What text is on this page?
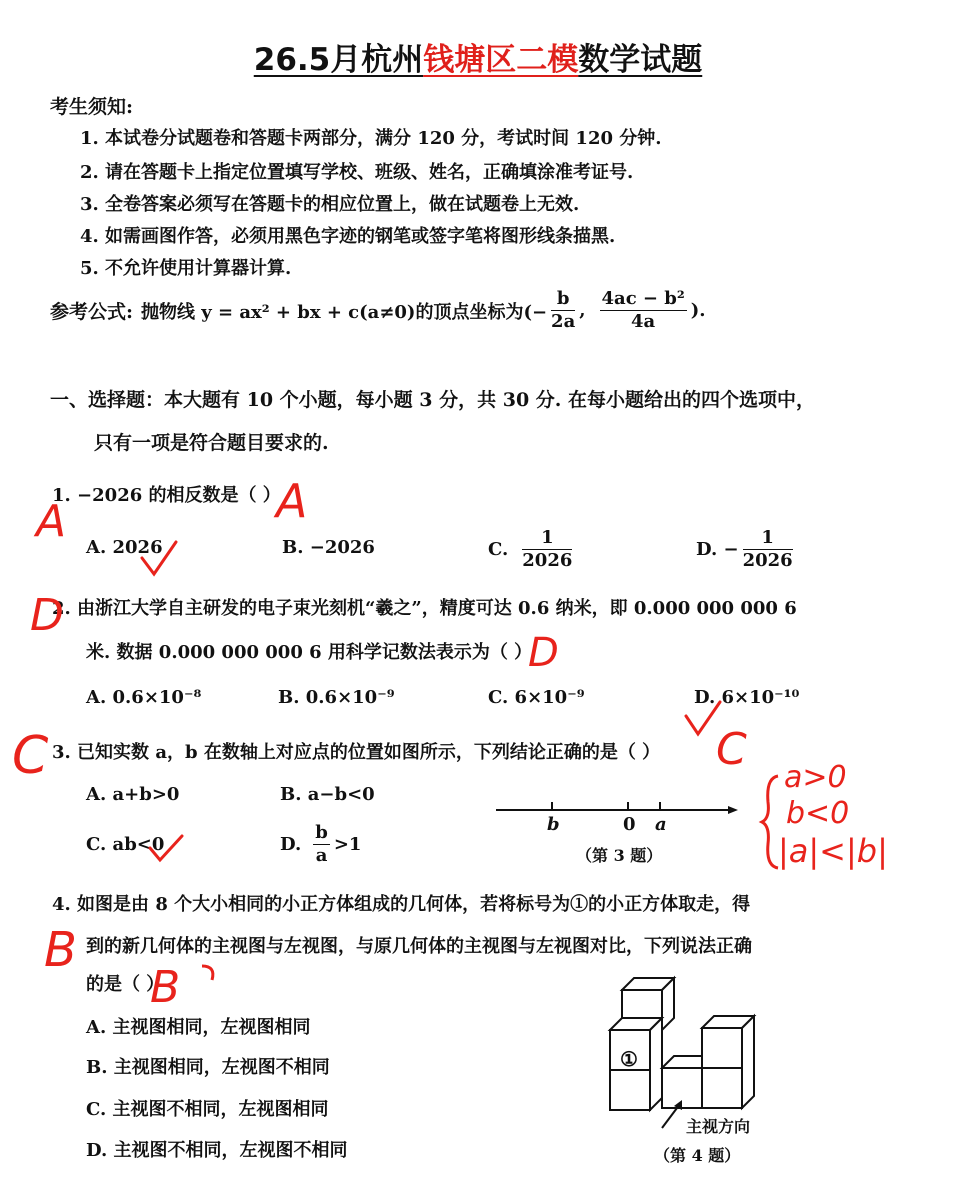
26.5月杭州钱塘区二模数学试题
考生须知:
1. 本试卷分试题卷和答题卡两部分，满分 120 分，考试时间 120 分钟.
2. 请在答题卡上指定位置填写学校、班级、姓名，正确填涂准考证号.
3. 全卷答案必须写在答题卡的相应位置上，做在试题卷上无效.
4. 如需画图作答，必须用黑色字迹的钢笔或签字笔将图形线条描黑.
5. 不允许使用计算器计算.
参考公式: 抛物线 y = ax² + bx + c(a≠0)的顶点坐标为(− $\frac{b}{2a}$ , $\frac{\text{4ac − b²}}{4a}$ ).
一、选择题：本大题有 10 个小题，每小题 3 分，共 30 分. 在每小题给出的四个选项中，
只有一项是符合题目要求的.
1. −2026 的相反数是（ ）
A. 2026	B. −2026	C. $\frac{1}{2026}$	D. − $\frac{1}{2026}$
2. 由浙江大学自主研发的电子束光刻机“羲之”，精度可达 0.6 纳米，即 0.000 000 000 6
米. 数据 0.000 000 000 6 用科学记数法表示为（ ）
A. 0.6×10⁻⁸	B. 0.6×10⁻⁹	C. 6×10⁻⁹	D. 6×10⁻¹⁰
3. 已知实数 a，b 在数轴上对应点的位置如图所示，下列结论正确的是（ ）
A. a+b>0	B. a−b<0
C. ab<0	D. $\frac{b}{a} >1$
b	0 a
（第 3 题）
4. 如图是由 8 个大小相同的小正方体组成的几何体，若将标号为①的小正方体取走，得
到的新几何体的主视图与左视图，与原几何体的主视图与左视图对比，下列说法正确
的是（ ）
A. 主视图相同，左视图相同
B. 主视图相同，左视图不相同
C. 主视图不相同，左视图相同
D. 主视图不相同，左视图不相同
①
主视方向
（第 4 题）
A	A
D
D
C	C
a>0
b<0
|a|<|b|
B
B
